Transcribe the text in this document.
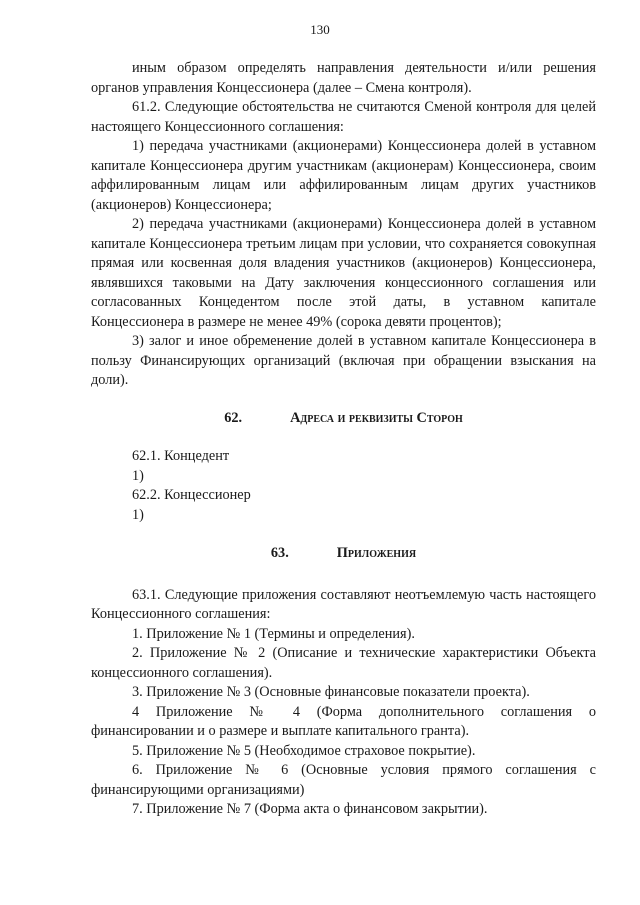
130

иным образом определять направления деятельности и/или решения органов управления Концессионера (далее – Смена контроля).

61.2. Следующие обстоятельства не считаются Сменой контроля для целей настоящего Концессионного соглашения:

1) передача участниками (акционерами) Концессионера долей в уставном капитале Концессионера другим участникам (акционерам) Концессионера, своим аффилированным лицам или аффилированным лицам других участников (акционеров) Концессионера;

2) передача участниками (акционерами) Концессионера долей в уставном капитале Концессионера третьим лицам при условии, что сохраняется совокупная прямая или косвенная доля владения участников (акционеров) Концессионера, являвшихся таковыми на Дату заключения концессионного соглашения или согласованных Концедентом после этой даты, в уставном капитале Концессионера в размере не менее 49% (сорока девяти процентов);

3) залог и иное обременение долей в уставном капитале Концессионера в пользу Финансирующих организаций (включая при обращении взыскания на доли).

62.	Адреса и реквизиты Сторон

62.1. Концедент

1)

62.2. Концессионер

1)

63.	Приложения

63.1. Следующие приложения составляют неотъемлемую часть настоящего Концессионного соглашения:

1. Приложение № 1 (Термины и определения).

2. Приложение № 2 (Описание и технические характеристики Объекта концессионного соглашения).

3. Приложение № 3 (Основные финансовые показатели проекта).

4 Приложение № 4 (Форма дополнительного соглашения о финансировании и о размере и выплате капитального гранта).

5. Приложение № 5 (Необходимое страховое покрытие).

6. Приложение № 6 (Основные условия прямого соглашения с финансирующими организациями)

7. Приложение № 7 (Форма акта о финансовом закрытии).
